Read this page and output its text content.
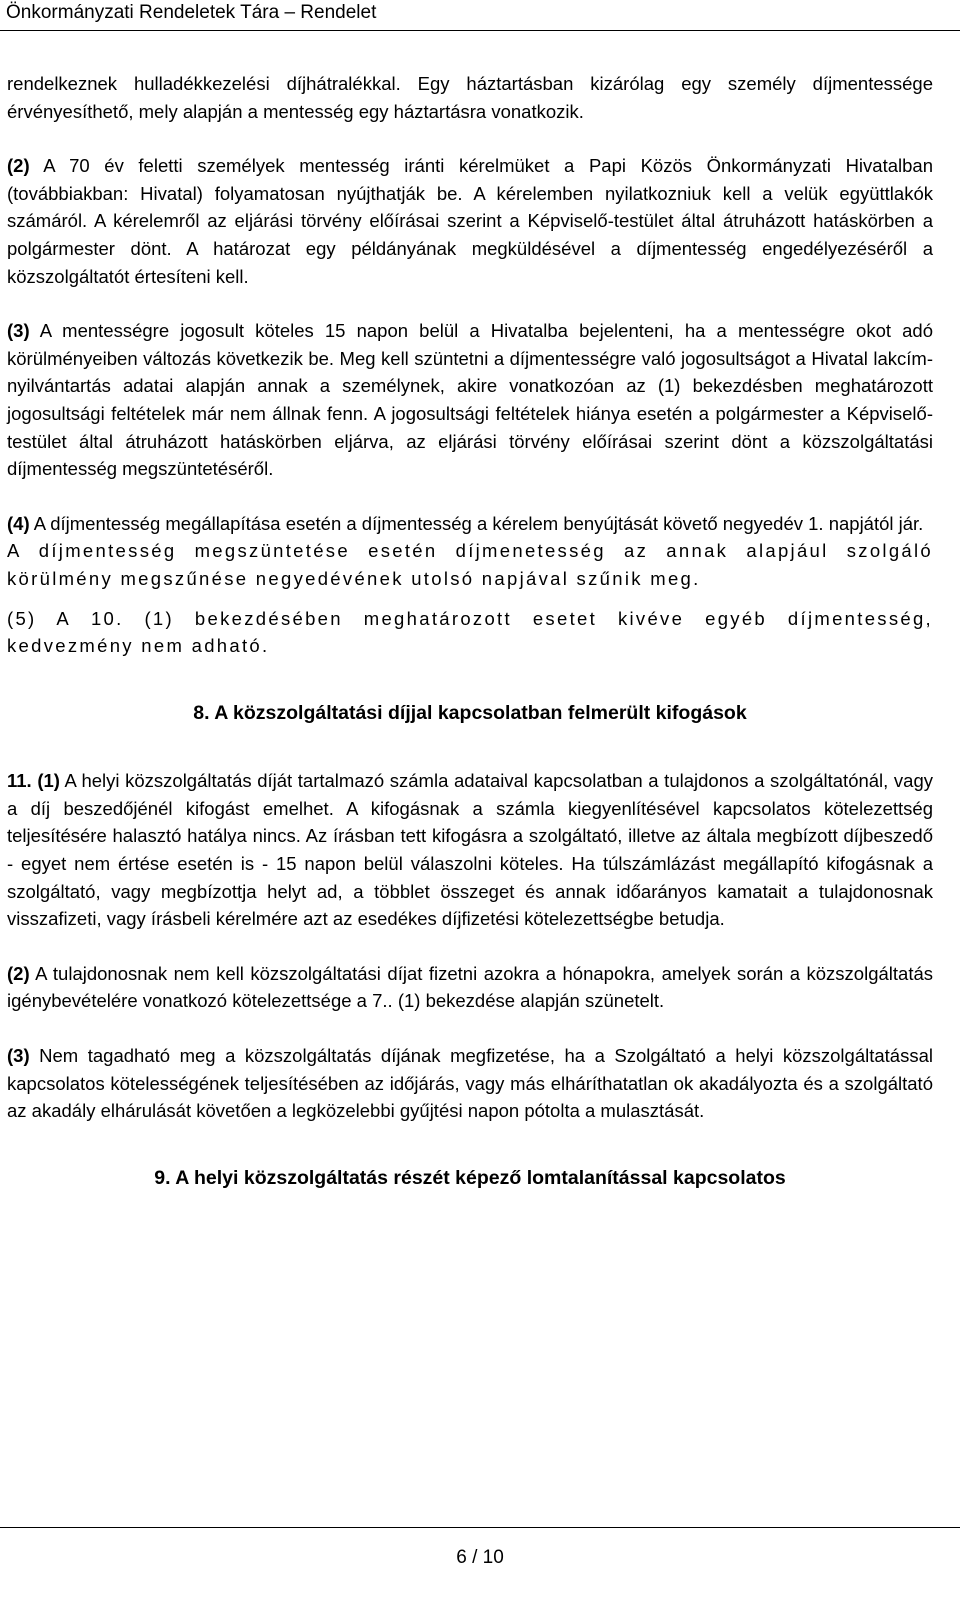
Önkormányzati Rendeletek Tára – Rendelet

rendelkeznek hulladékkezelési díjhátralékkal. Egy háztartásban kizárólag egy személy díjmentessége érvényesíthető, mely alapján a mentesség egy háztartásra vonatkozik.

(2) A 70 év feletti személyek mentesség iránti kérelmüket a Papi Közös Önkormányzati Hivatalban (továbbiakban: Hivatal) folyamatosan nyújthatják be. A kérelemben nyilatkozniuk kell a velük együttlakók számáról. A kérelemről az eljárási törvény előírásai szerint a Képviselő-testület által átruházott hatáskörben a polgármester dönt. A határozat egy példányának megküldésével a díjmentesség engedélyezéséről a közszolgáltatót értesíteni kell.

(3) A mentességre jogosult köteles 15 napon belül a Hivatalba bejelenteni, ha a mentességre okot adó körülményeiben változás következik be. Meg kell szüntetni a díjmentességre való jogosultságot a Hivatal lakcím-nyilvántartás adatai alapján annak a személynek, akire vonatkozóan az (1) bekezdésben meghatározott jogosultsági feltételek már nem állnak fenn. A jogosultsági feltételek hiánya esetén a polgármester a Képviselő-testület által átruházott hatáskörben eljárva, az eljárási törvény előírásai szerint dönt a közszolgáltatási díjmentesség megszüntetéséről.

(4) A díjmentesség megállapítása esetén a díjmentesség a kérelem benyújtását követő negyedév 1. napjától jár.

A díjmentesség megszüntetése esetén díjmenetesség az annak alapjául szolgáló körülmény megszűnése negyedévének utolsó napjával szűnik meg.

(5) A 10. (1) bekezdésében meghatározott esetet kivéve egyéb díjmentesség, kedvezmény nem adható.

8. A közszolgáltatási díjjal kapcsolatban felmerült kifogások

11. (1) A helyi közszolgáltatás díját tartalmazó számla adataival kapcsolatban a tulajdonos a szolgáltatónál, vagy a díj beszedőjénél kifogást emelhet. A kifogásnak a számla kiegyenlítésével kapcsolatos kötelezettség teljesítésére halasztó hatálya nincs. Az írásban tett kifogásra a szolgáltató, illetve az általa megbízott díjbeszedő - egyet nem értése esetén is - 15 napon belül válaszolni köteles. Ha túlszámlázást megállapító kifogásnak a szolgáltató, vagy megbízottja helyt ad, a többlet összeget és annak időarányos kamatait a tulajdonosnak visszafizeti, vagy írásbeli kérelmére azt az esedékes díjfizetési kötelezettségbe betudja.

(2) A tulajdonosnak nem kell közszolgáltatási díjat fizetni azokra a hónapokra, amelyek során a közszolgáltatás igénybevételére vonatkozó kötelezettsége a 7.. (1) bekezdése alapján szünetelt.

(3) Nem tagadható meg a közszolgáltatás díjának megfizetése, ha a Szolgáltató a helyi közszolgáltatással kapcsolatos kötelességének teljesítésében az időjárás, vagy más elháríthatatlan ok akadályozta és a szolgáltató az akadály elhárulását követően a legközelebbi gyűjtési napon pótolta a mulasztását.

9. A helyi közszolgáltatás részét képező lomtalanítással kapcsolatos

6 / 10
